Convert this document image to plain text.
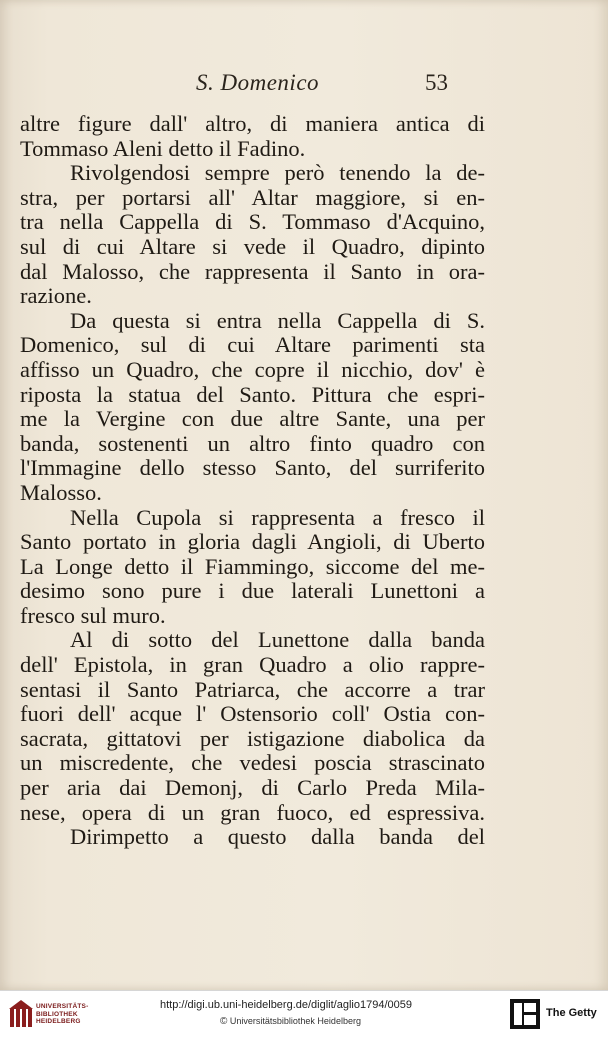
S. Domenico	53
altre figure dall' altro, di maniera antica di
Tommaso Aleni detto il Fadino.
Rivolgendosi sempre però tenendo la de-
stra, per portarsi all' Altar maggiore, si en-
tra nella Cappella di S. Tommaso d'Acquino,
sul di cui Altare si vede il Quadro, dipinto
dal Malosso, che rappresenta il Santo in ora-
razione.
Da questa si entra nella Cappella di S.
Domenico, sul di cui Altare parimenti sta
affisso un Quadro, che copre il nicchio, dov' è
riposta la statua del Santo. Pittura che espri-
me la Vergine con due altre Sante, una per
banda, sostenenti un altro finto quadro con
l'Immagine dello stesso Santo, del surriferito
Malosso.
Nella Cupola si rappresenta a fresco il
Santo portato in gloria dagli Angioli, di Uberto
La Longe detto il Fiammingo, siccome del me-
desimo sono pure i due laterali Lunettoni a
fresco sul muro.
Al di sotto del Lunettone dalla banda
dell' Epistola, in gran Quadro a olio rappre-
sentasi il Santo Patriarca, che accorre a trar
fuori dell' acque l' Ostensorio coll' Ostia con-
sacrata, gittatovi per istigazione diabolica da
un miscredente, che vedesi poscia strascinato
per aria dai Demonj, di Carlo Preda Mila-
nese, opera di un gran fuoco, ed espressiva.
Dirimpetto a questo dalla banda del
UNIVERSITÄTS-
BIBLIOTHEK
HEIDELBERG
http://digi.ub.uni-heidelberg.de/diglit/aglio1794/0059
© Universitätsbibliothek Heidelberg
The Getty
